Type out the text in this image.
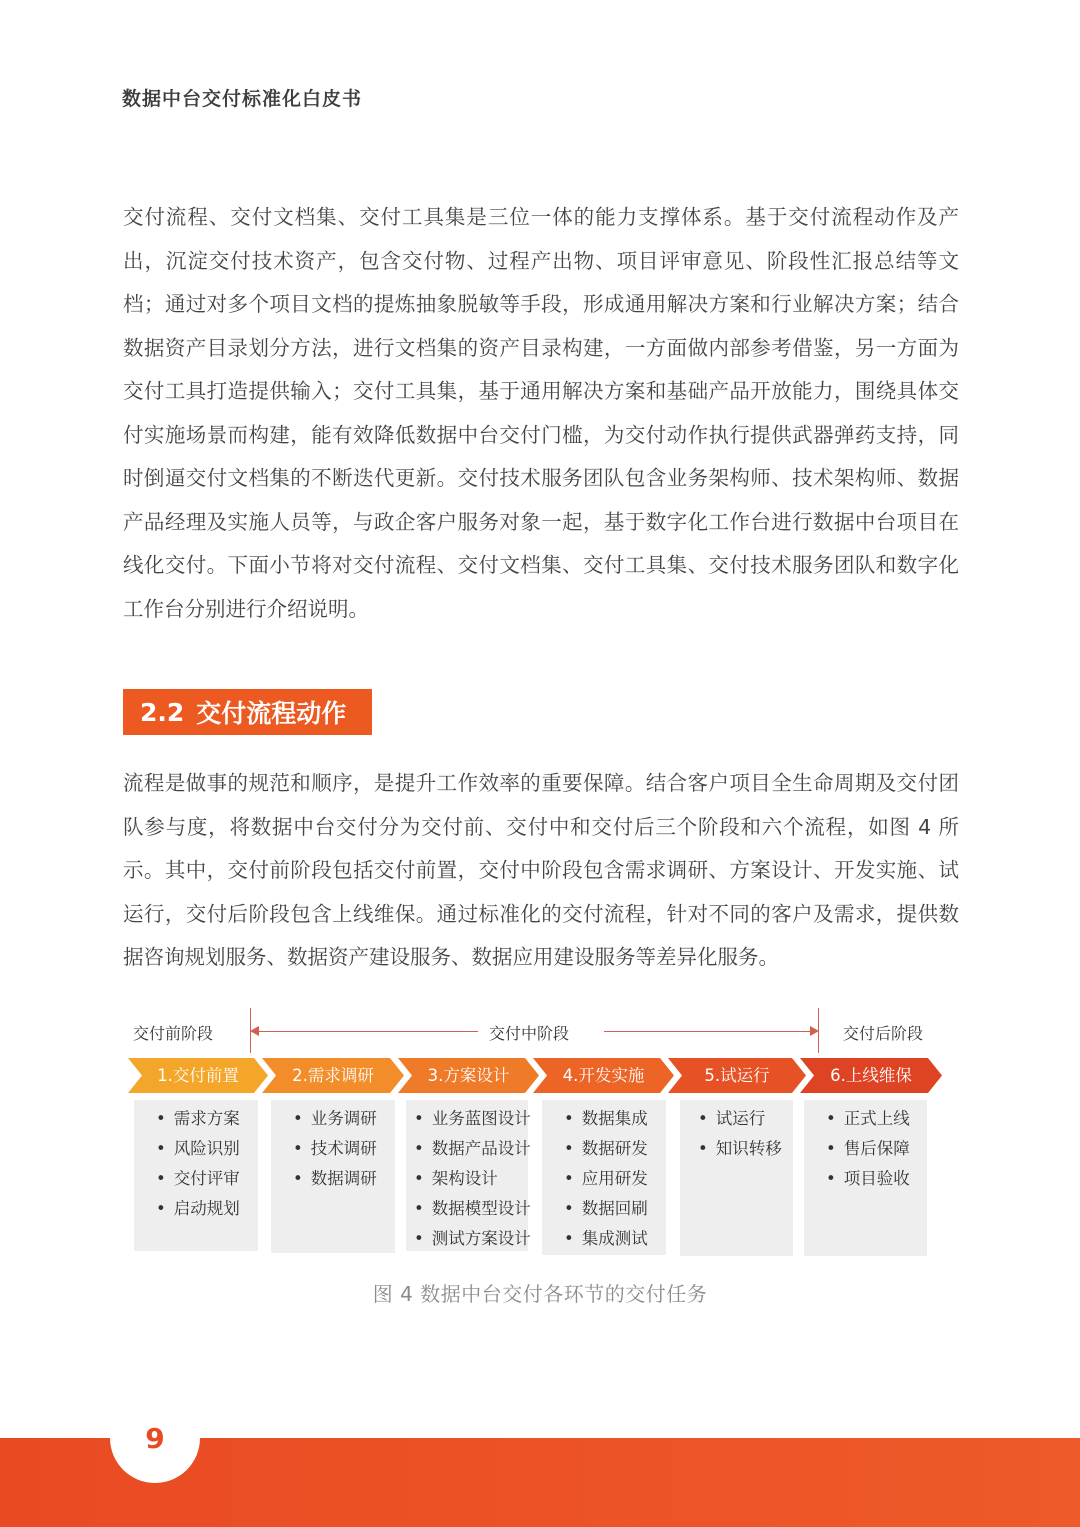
数据中台交付标准化白皮书

交付流程、交付文档集、交付工具集是三位一体的能力支撑体系。基于交付流程动作及产出，沉淀交付技术资产，包含交付物、过程产出物、项目评审意见、阶段性汇报总结等文档；通过对多个项目文档的提炼抽象脱敏等手段，形成通用解决方案和行业解决方案；结合数据资产目录划分方法，进行文档集的资产目录构建，一方面做内部参考借鉴，另一方面为交付工具打造提供输入；交付工具集，基于通用解决方案和基础产品开放能力，围绕具体交付实施场景而构建，能有效降低数据中台交付门槛，为交付动作执行提供武器弹药支持，同时倒逼交付文档集的不断迭代更新。交付技术服务团队包含业务架构师、技术架构师、数据产品经理及实施人员等，与政企客户服务对象一起，基于数字化工作台进行数据中台项目在线化交付。下面小节将对交付流程、交付文档集、交付工具集、交付技术服务团队和数字化工作台分别进行介绍说明。

2.2 交付流程动作

流程是做事的规范和顺序，是提升工作效率的重要保障。结合客户项目全生命周期及交付团队参与度，将数据中台交付分为交付前、交付中和交付后三个阶段和六个流程，如图 4 所示。其中，交付前阶段包括交付前置，交付中阶段包含需求调研、方案设计、开发实施、试运行，交付后阶段包含上线维保。通过标准化的交付流程，针对不同的客户及需求，提供数据咨询规划服务、数据资产建设服务、数据应用建设服务等差异化服务。

交付前阶段	交付中阶段	交付后阶段
1.交付前置
• 需求方案
• 风险识别
• 交付评审
• 启动规划
2.需求调研
• 业务调研
• 技术调研
• 数据调研
3.方案设计
• 业务蓝图设计
• 数据产品设计
• 架构设计
• 数据模型设计
• 测试方案设计
4.开发实施
• 数据集成
• 数据研发
• 应用研发
• 数据回刷
• 集成测试
5.试运行
• 试运行
• 知识转移
6.上线维保
• 正式上线
• 售后保障
• 项目验收
图 4 数据中台交付各环节的交付任务
9
